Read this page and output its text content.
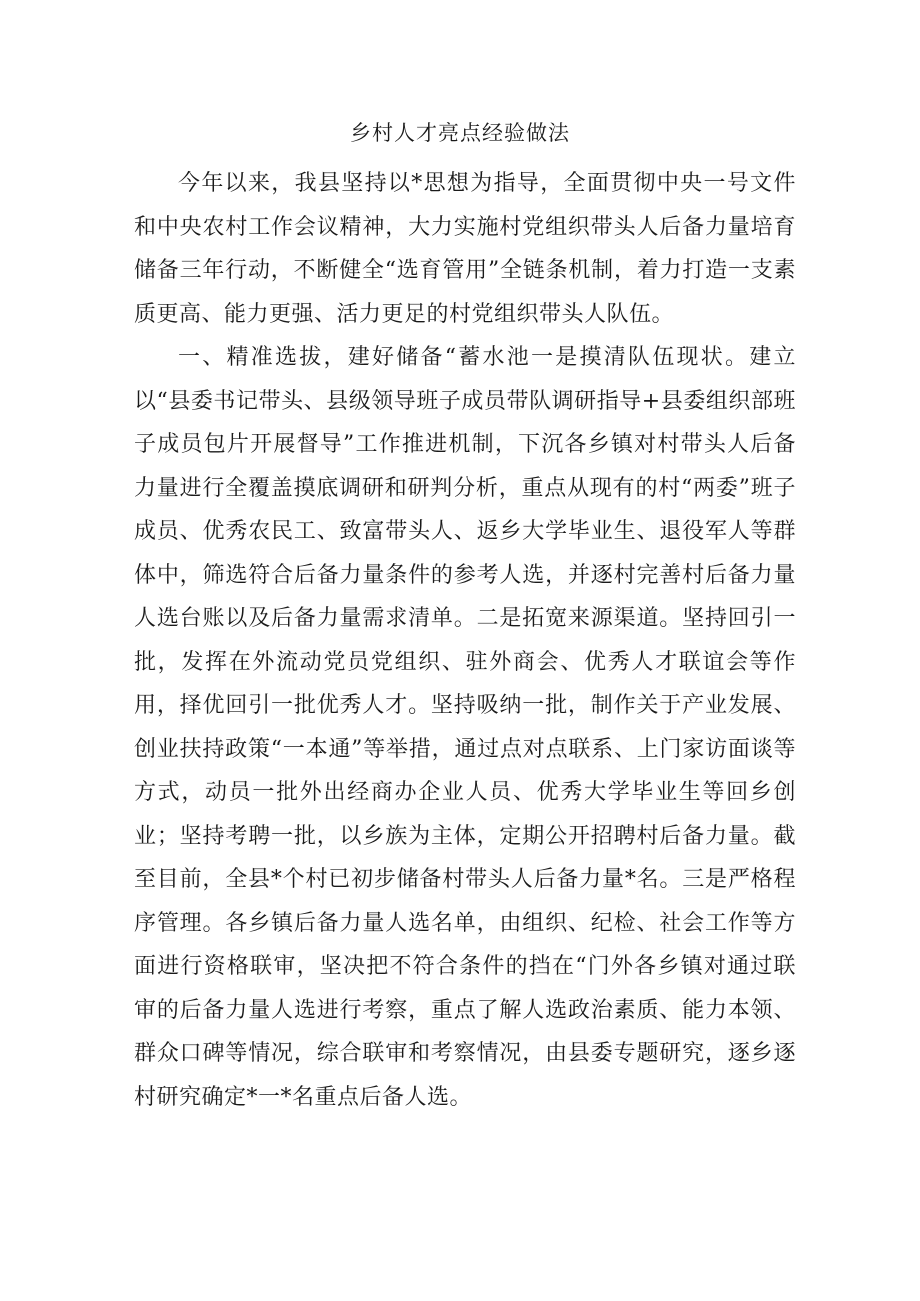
乡村人才亮点经验做法

今年以来，我县坚持以*思想为指导，全面贯彻中央一号文件和中央农村工作会议精神，大力实施村党组织带头人后备力量培育储备三年行动，不断健全“选育管用”全链条机制，着力打造一支素质更高、能力更强、活力更足的村党组织带头人队伍。

一、精准选拔，建好储备“蓄水池一是摸清队伍现状。建立以“县委书记带头、县级领导班子成员带队调研指导+县委组织部班子成员包片开展督导”工作推进机制，下沉各乡镇对村带头人后备力量进行全覆盖摸底调研和研判分析，重点从现有的村“两委”班子成员、优秀农民工、致富带头人、返乡大学毕业生、退役军人等群体中，筛选符合后备力量条件的参考人选，并逐村完善村后备力量人选台账以及后备力量需求清单。二是拓宽来源渠道。坚持回引一批，发挥在外流动党员党组织、驻外商会、优秀人才联谊会等作用，择优回引一批优秀人才。坚持吸纳一批，制作关于产业发展、创业扶持政策“一本通”等举措，通过点对点联系、上门家访面谈等方式，动员一批外出经商办企业人员、优秀大学毕业生等回乡创业；坚持考聘一批，以乡族为主体，定期公开招聘村后备力量。截至目前，全县*个村已初步储备村带头人后备力量*名。三是严格程序管理。各乡镇后备力量人选名单，由组织、纪检、社会工作等方面进行资格联审，坚决把不符合条件的挡在“门外各乡镇对通过联审的后备力量人选进行考察，重点了解人选政治素质、能力本领、群众口碑等情况，综合联审和考察情况，由县委专题研究，逐乡逐村研究确定*一*名重点后备人选。
